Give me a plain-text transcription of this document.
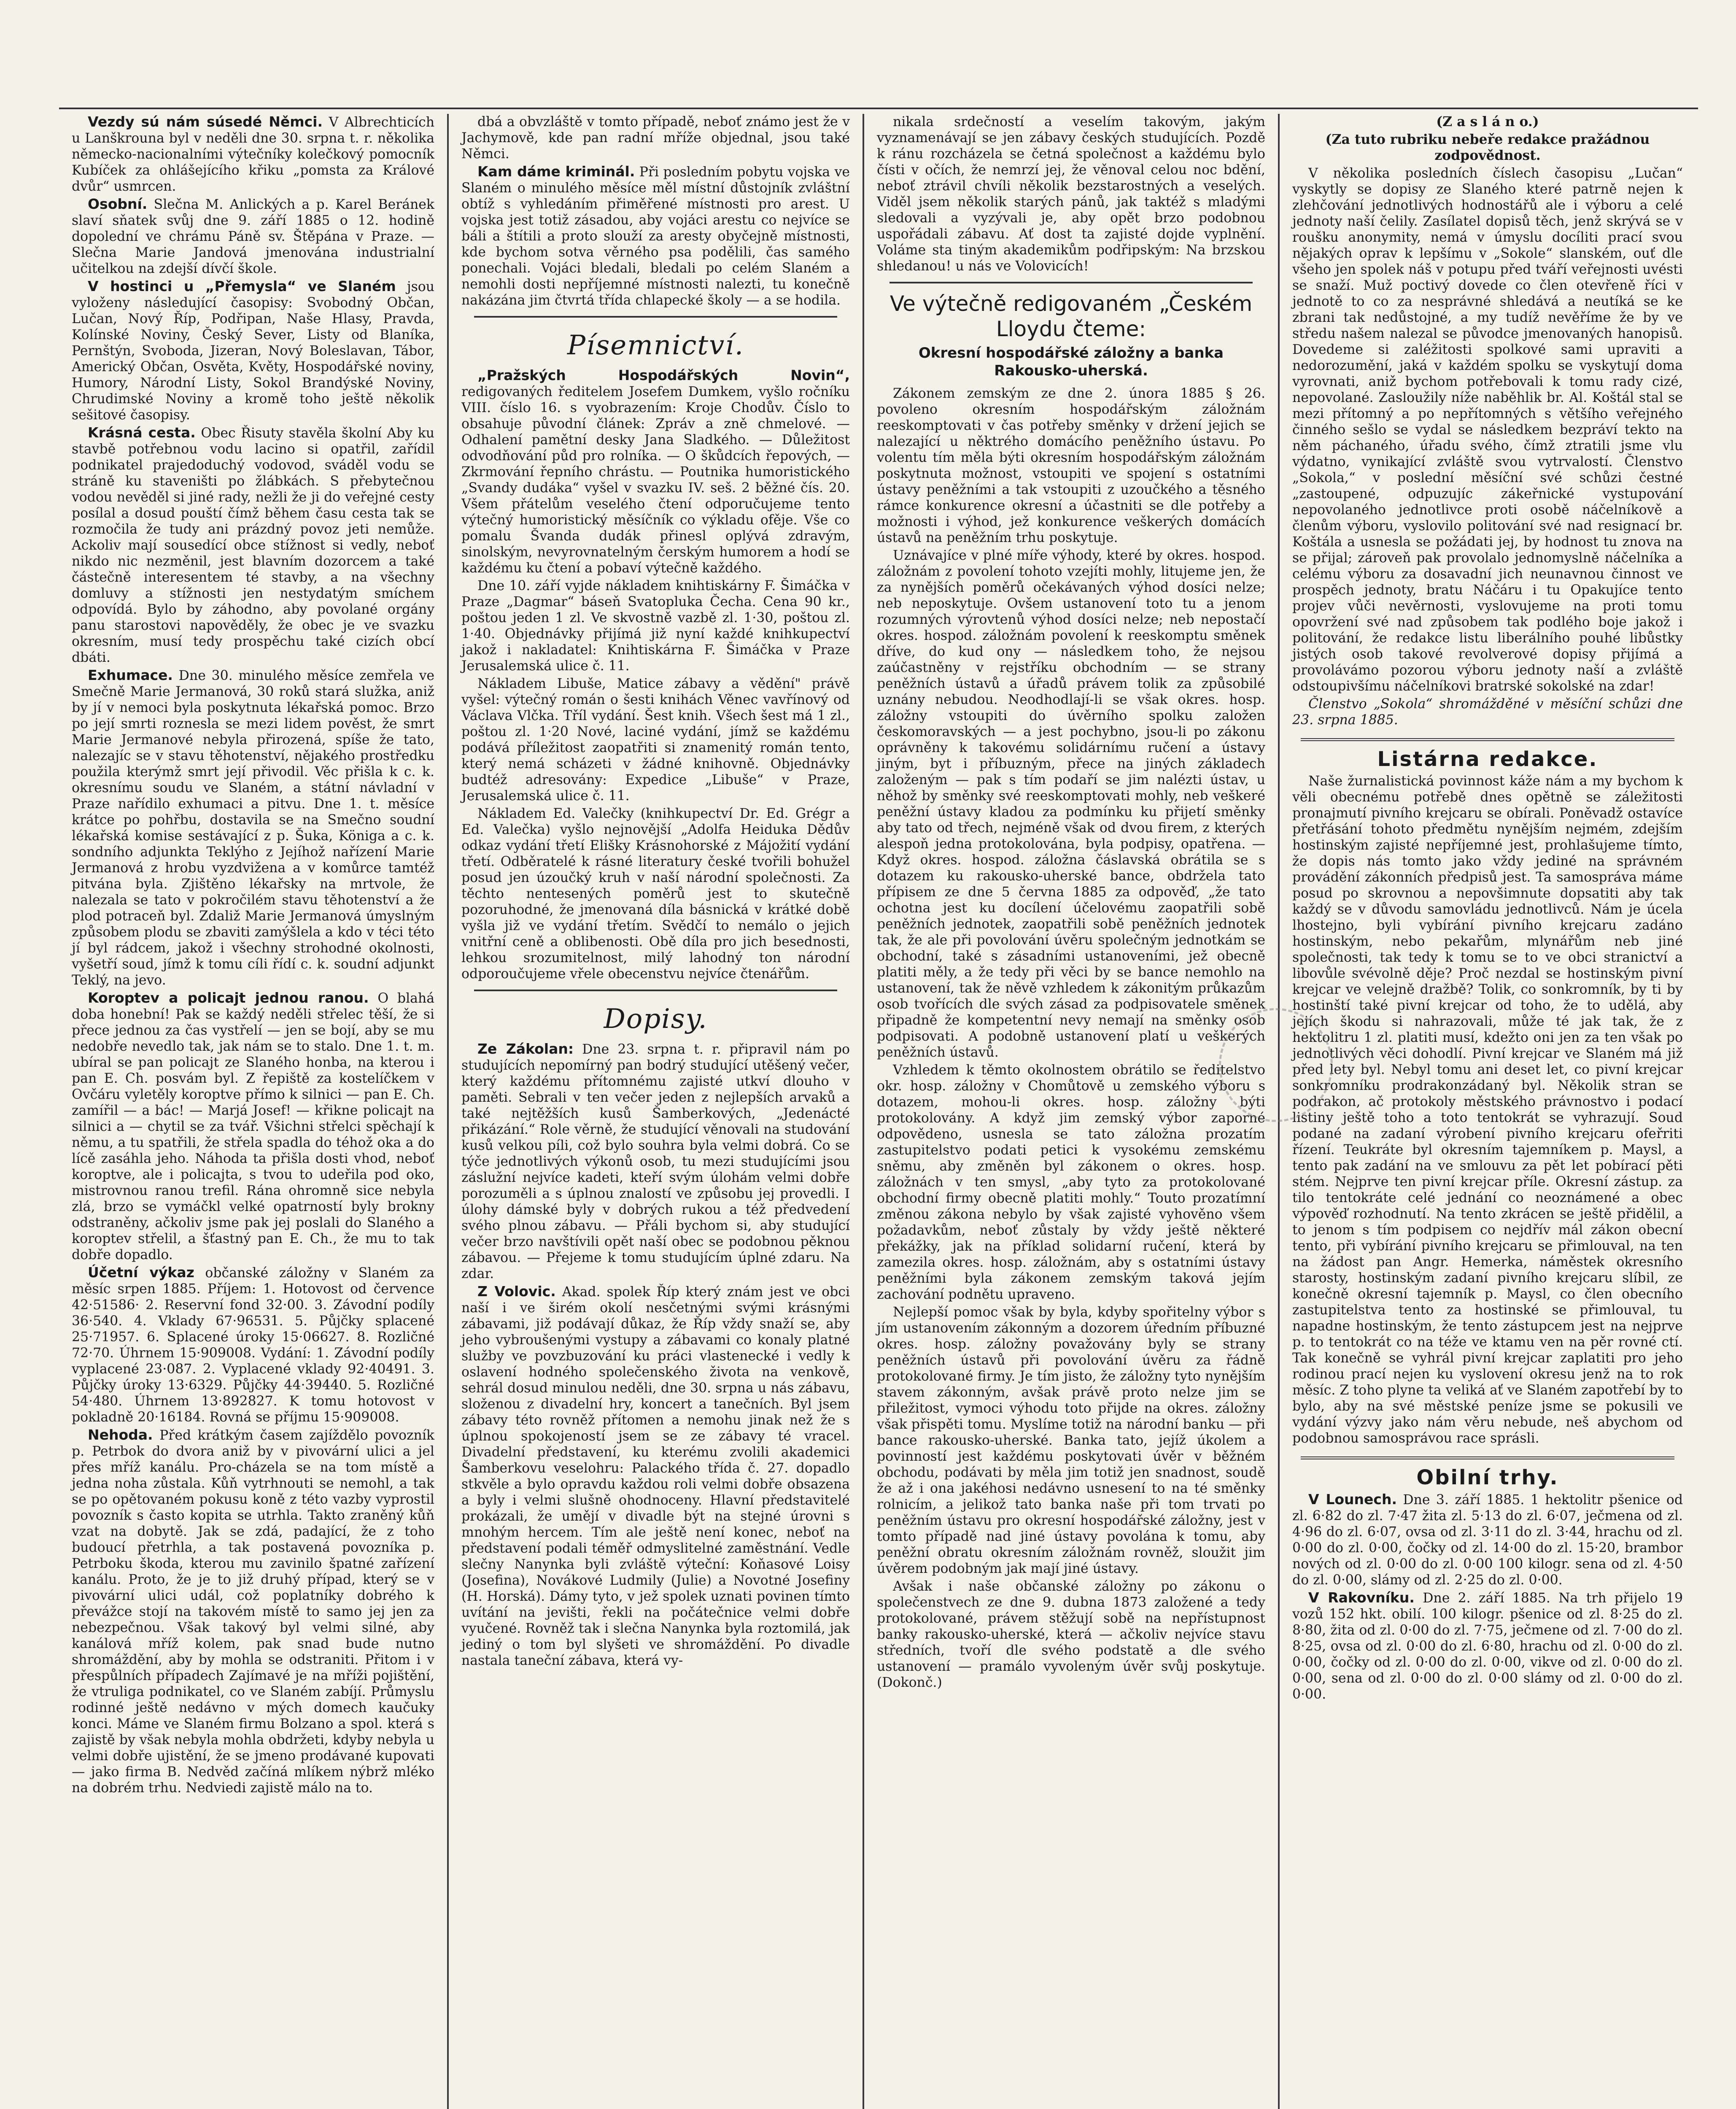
Vezdy sú nám súsedé Němci. V Albrechticích u Lanškrouna byl v neděli dne 30. srpna t. r. několika německo-nacionalními výtečníky kolečkový pomocník Kubíček za ohlášejícího křiku „pomsta za Králové dvůr“ usmrcen.

Osobní. Slečna M. Anlických a p. Karel Beránek slaví sňatek svůj dne 9. září 1885 o 12. hodině dopolední ve chrámu Páně sv. Štěpána v Praze. — Slečna Marie Jandová jmenována industrialní učitelkou na zdejší dívčí škole.

V hostinci u „Přemysla“ ve Slaném jsou vyloženy následující časopisy: Svobodný Občan, Lučan, Nový Říp, Podřipan, Naše Hlasy, Pravda, Kolínské Noviny, Český Sever, Listy od Blaníka, Pernštýn, Svoboda, Jizeran, Nový Boleslavan, Tábor, Americký Občan, Osvěta, Květy, Hospodářské noviny, Humory, Národní Listy, Sokol Brandýské Noviny, Chrudimské Noviny a kromě toho ještě několik sešitové časopisy.

Krásná cesta. Obec Řisuty stavěla školní Aby ku stavbě potřebnou vodu lacino si opatřil, zařídil podnikatel prajedoduchý vodovod, sváděl vodu se stráně ku staveništi po žlábkách. S přebytečnou vodou nevěděl si jiné rady, nežli že ji do veřejné cesty posílal a dosud pouští čímž během času cesta tak se rozmočila že tudy ani prázdný povoz jeti nemůže. Ackoliv mají sousedící obce stížnost si vedly, neboť nikdo nic nezměnil, jest blavním dozorcem a také částečně interesentem té stavby, a na všechny domluvy a stížnosti jen nestydatým smíchem odpovídá. Bylo by záhodno, aby povolané orgány panu starostovi napověděly, že obec je ve svazku okresním, musí tedy prospěchu také cizích obcí dbáti.

Exhumace. Dne 30. minulého měsíce zemřela ve Smečně Marie Jermanová, 30 roků stará služka, aniž by jí v nemoci byla poskytnuta lékařská pomoc. Brzo po její smrti roznesla se mezi lidem pověst, že smrt Marie Jermanové nebyla přirozená, spíše že tato, nalezajíc se v stavu těhotenství, nějakého prostředku použila kterýmž smrt její přivodil. Věc přišla k c. k. okresnímu soudu ve Slaném, a státní návladní v Praze nařídilo exhumaci a pitvu. Dne 1. t. měsíce krátce po pohřbu, dostavila se na Smečno soudní lékařská komise sestávající z p. Šuka, Königa a c. k. sondního adjunkta Teklýho z Jejíhož nařízení Marie Jermanová z hrobu vyzdvižena a v komůrce tamtéž pitvána byla. Zjištěno lékařsky na mrtvole, že nalezala se tato v pokročilém stavu těhotenství a že plod potraceň byl. Zdaliž Marie Jermanová úmyslným způsobem plodu se zbaviti zamýšlela a kdo v téci této jí byl rádcem, jakož i všechny strohodné okolnosti, vyšetří soud, jímž k tomu cíli řídí c. k. soudní adjunkt Teklý, na jevo.

Koroptev a policajt jednou ranou. O blahá doba honební! Pak se každý neděli střelec těší, že si přece jednou za čas vystřelí — jen se bojí, aby se mu nedobře nevedlo tak, jak nám se to stalo. Dne 1. t. m. ubíral se pan policajt ze Slaného honba, na kterou i pan E. Ch. posvám byl. Z řepiště za kostelíčkem v Ovčáru vyletěly koroptve přímo k silnici — pan E. Ch. zamířil — a bác! — Marjá Josef! — křikne policajt na silnici a — chytil se za tvář. Všichni střelci spěchají k němu, a tu spatřili, že střela spadla do téhož oka a do lícě zasáhla jeho. Náhoda ta přišla dosti vhod, neboť koroptve, ale i policajta, s tvou to udeřila pod oko, mistrovnou ranou trefil. Rána ohromně sice nebyla zlá, brzo se vymáčkl velké opatrností byly brokny odstraněny, ačkoliv jsme pak jej poslali do Slaného a koroptev střelil, a šťastný pan E. Ch., že mu to tak dobře dopadlo.

Účetní výkaz občanské záložny v Slaném za měsíc srpen 1885. Příjem: 1. Hotovost od července 42·51586· 2. Reservní fond 32·00. 3. Závodní podíly 36·540. 4. Vklady 67·96531. 5. Půjčky splacené 25·71957. 6. Splacené úroky 15·06627. 8. Rozličné 72·70. Úhrnem 15·909008. Vydání: 1. Závodní podíly vyplacené 23·087. 2. Vyplacené vklady 92·40491. 3. Půjčky úroky 13·6329. Půjčky 44·39440. 5. Rozličné 54·480. Úhrnem 13·892827. K tomu hotovost v pokladně 20·16184. Rovná se příjmu 15·909008.

Nehoda. Před krátkým časem zajíždělo povozník p. Petrbok do dvora aniž by v pivovární ulici a jel přes mříž kanálu. Pro-cházela se na tom místě a jedna noha zůstala. Kůň vytrhnouti se nemohl, a tak se po opětovaném pokusu koně z této vazby vyprostil povozník s často kopita se utrhla. Takto zraněný kůň vzat na dobytě. Jak se zdá, padající, že z toho budoucí přetrhla, a tak postavená povozníka p. Petrboku škoda, kterou mu zavinilo špatné zařízení kanálu. Proto, že je to již druhý případ, který se v pivovární ulici udál, což poplatníky dobrého k převážce stojí na takovém místě to samo jej jen za nebezpečnou. Však takový byl velmi silné, aby kanálová mříž kolem, pak snad bude nutno shromáždění, aby by mohla se odstraniti. Přitom i v přespůlních případech Zajímavé je na mříži pojištění, že vtruliga podnikatel, co ve Slaném zabíjí. Průmyslu rodinné ještě nedávno v mých domech kaučuky konci. Máme ve Slaném firmu Bolzano a spol. která s zajistě by však nebyla mohla obdržeti, kdyby nebyla u velmi dobře ujistění, že se jmeno prodávané kupovati — jako firma B. Nedvěd začíná mlíkem nýbrž mléko na dobrém trhu. Nedviedi zajistě málo na to.

dbá a obvzláště v tomto případě, neboť známo jest že v Jachymově, kde pan radní mříže objednal, jsou také Němci.

Kam dáme kriminál. Při posledním pobytu vojska ve Slaném o minulého měsíce měl místní důstojník zvláštní obtíž s vyhledáním přiměřené místnosti pro arest. U vojska jest totiž zásadou, aby vojáci arestu co nejvíce se báli a štítili a proto slouží za aresty obyčejně místnosti, kde bychom sotva věrného psa podělili, čas samého ponechali. Vojáci bledali, bledali po celém Slaném a nemohli dosti nepříjemné místnosti nalezti, tu konečně nakázána jim čtvrtá třída chlapecké školy — a se hodila.

Písemnictví.

„Pražských Hospodářských Novin“, redigovaných ředitelem Josefem Dumkem, vyšlo ročníku VIII. číslo 16. s vyobrazením: Kroje Chodův. Číslo to obsahuje původní článek: Zpráv a zně chmelové. — Odhalení pamětní desky Jana Sladkého. — Důležitost odvodňování půd pro rolníka. — O škůdcích řepových, — Zkrmování řepního chrástu. — Poutnika humoristického „Svandy dudáka“ vyšel v svazku IV. seš. 2 běžné čís. 20. Všem přátelům veselého čtení odporučujeme tento výtečný humoristický měsíčník co výkladu ofěje. Vše co pomalu Švanda dudák přinesl oplývá zdravým, sinolským, nevyrovnatelným čerským humorem a hodí se každému ku čtení a pobaví výtečně každého.

Dne 10. září vyjde nákladem knihtiskárny F. Šimáčka v Praze „Dagmar“ báseň Svatopluka Čecha. Cena 90 kr., poštou jeden 1 zl. Ve skvostně vazbě zl. 1·30, poštou zl. 1·40. Objednávky přijímá již nyní každé knihkupectví jakož i nakladatel: Knihtiskárna F. Šimáčka v Praze Jerusalemská ulice č. 11.

Nákladem Libuše, Matice zábavy a vědění" právě vyšel: výtečný román o šesti knihách Věnec vavřínový od Václava Vlčka. Tříl vydání. Šest knih. Všech šest má 1 zl., poštou zl. 1·20 Nové, laciné vydání, jímž se každému podává příležitost zaopatřiti si znamenitý román tento, který nemá scházeti v žádné knihovně. Objednávky budtéž adresovány: Expedice „Libuše“ v Praze, Jerusalemská ulice č. 11.

Nákladem Ed. Valečky (knihkupectví Dr. Ed. Grégr a Ed. Valečka) vyšlo nejnovější „Adolfa Heiduka Dědův odkaz vydání třetí Elišky Krásnohorské z Májožití vydání třetí. Odběratelé k rásné literatury české tvořili bohužel posud jen úzoučký kruh v naší národní společnosti. Za těchto nentesených poměrů jest to skutečně pozoruhodné, že jmenovaná díla básnická v krátké době vyšla již ve vydání třetím. Svědčí to nemálo o jejich vnitřní ceně a oblibenosti. Obě díla pro jich besednosti, lehkou srozumitelnost, milý lahodný ton národní odporoučujeme vřele obecenstvu nejvíce čtenářům.

Dopisy.

Ze Zákolan: Dne 23. srpna t. r. připravil nám po studujících nepomírný pan bodrý studující utěšený večer, který každému přítomnému zajisté utkví dlouho v paměti. Sebrali v ten večer jeden z nejlepších arvaků a také nejtěžších kusů Šamberkových, „Jedenácté přikázání.“ Role věrně, že studující věnovali na studování kusů velkou píli, což bylo souhra byla velmi dobrá. Co se týče jednotlivých výkonů osob, tu mezi studujícími jsou záslužní nejvíce kadeti, kteří svým úlohám velmi dobře porozuměli a s úplnou znalostí ve způsobu jej provedli. I úlohy dámské byly v dobrých rukou a též předvedení svého plnou zábavu. — Přáli bychom si, aby studující večer brzo navštívili opět naší obec se podobnou pěknou zábavou. — Přejeme k tomu studujícím úplné zdaru. Na zdar.

Z Volovic. Akad. spolek Říp který znám jest ve obci naší i ve širém okolí nesčetnými svými krásnými zábavami, již podávají důkaz, že Říp vždy snaží se, aby jeho vybroušenými vystupy a zábavami co konaly platné služby ve povzbuzování ku práci vlastenecké i vedly k oslavení hodného společenského života na venkově, sehrál dosud minulou neděli, dne 30. srpna u nás zábavu, složenou z divadelní hry, koncert a tanečních. Byl jsem zábavy této rovněž přítomen a nemohu jinak než že s úplnou spokojeností jsem se ze zábavy té vracel. Divadelní představení, ku kterému zvolili akademici Šamberkovu veselohru: Palackého třída č. 27. dopadlo stkvěle a bylo opravdu každou roli velmi dobře obsazena a byly i velmi slušně ohodnoceny. Hlavní představitelé prokázali, že umějí v divadle být na stejné úrovni s mnohým hercem. Tím ale ještě není konec, neboť na představení podali téměř odmyslitelné zaměstnání. Vedle slečny Nanynka byli zvláště výteční: Koňasové Loisy (Josefina), Novákové Ludmily (Julie) a Novotné Josefiny (H. Horská). Dámy tyto, v jež spolek uznati povinen tímto uvítání na jevišti, řekli na počátečnice velmi dobře vyučené. Rovněž tak i slečna Nanynka byla roztomilá, jak jediný o tom byl slyšeti ve shromáždění. Po divadle nastala taneční zábava, která vy-

nikala srdečností a veselím takovým, jakým vyznamenávají se jen zábavy českých studujících. Pozdě k ránu rozcházela se četná společnost a každému bylo čísti v očích, že nemrzí jej, že věnoval celou noc bdění, neboť ztrávil chvíli několik bezstarostných a veselých. Viděl jsem několik starých pánů, jak taktéž s mladými sledovali a vyzývali je, aby opět brzo podobnou uspořádali zábavu. Ať dost ta zajisté dojde vyplnění. Voláme sta tiným akademikům podřipským: Na brzskou shledanou! u nás ve Volovicích!

Ve výtečně redigovaném „Českém Lloydu čteme:
Okresní hospodářské záložny a banka Rakousko-uherská.

Zákonem zemským ze dne 2. února 1885 § 26. povoleno okresním hospodářským záložnám reeskomptovati v čas potřeby směnky v držení jejich se nalezající u něktrého domácího peněžního ústavu. Po volentu tím měla býti okresním hospodářským záložnám poskytnuta možnost, vstoupiti ve spojení s ostatními ústavy peněžními a tak vstoupiti z uzoučkého a těsného rámce konkurence okresní a účastniti se dle potřeby a možnosti i výhod, jež konkurence veškerých domácích ústavů na peněžním trhu poskytuje.

Uznávajíce v plné míře výhody, které by okres. hospod. záložnám z povolení tohoto vzejíti mohly, litujeme jen, že za nynějších poměrů očekávaných výhod dosíci nelze; neb neposkytuje. Ovšem ustanovení toto tu a jenom rozumných výrovtenů výhod dosíci nelze; neb nepostačí okres. hospod. záložnám povolení k reeskomptu směnek dříve, do kud ony — následkem toho, že nejsou zaúčastněny v rejstříku obchodním — se strany peněžních ústavů a úřadů právem tolik za způsobilé uznány nebudou. Neodhodlají-li se však okres. hosp. záložny vstoupiti do úvěrního spolku založen českomoravských — a jest pochybno, jsou-li po zákonu oprávněny k takovému solidárnímu ručení a ústavy jiným, byt i příbuzným, přece na jiných základech založeným — pak s tím podaří se jim nalézti ústav, u něhož by směnky své reeskomptovati mohly, neb veškeré peněžní ústavy kladou za podmínku ku přijetí směnky aby tato od třech, nejméně však od dvou firem, z kterých alespoň jedna protokolována, byla podpisy, opatřena. — Když okres. hospod. záložna čáslavská obrátila se s dotazem ku rakousko-uherské bance, obdržela tato přípisem ze dne 5 června 1885 za odpověď, „že tato ochotna jest ku docílení účelovému zaopatřili sobě peněžních jednotek, zaopatřili sobě peněžních jednotek tak, že ale při povolování úvěru společným jednotkám se obchodní, také s zásadními ustanoveními, jež obecně platiti měly, a že tedy při věci by se bance nemohlo na ustanovení, tak že něvě vzhledem k zákonitým průkazům osob tvořících dle svých zásad za podpisovatele směnek připadně že kompetentní nevy nemají na směnky osob podpisovati. A podobně ustanovení platí u veškerých peněžních ústavů.

Vzhledem k těmto okolnostem obrátilo se ředitelstvo okr. hosp. záložny v Chomůtově u zemského výboru s dotazem, mohou-li okres. hosp. záložny býti protokolovány. A když jim zemský výbor zaporné odpovědeno, usnesla se tato záložna prozatím zastupitelstvo podati petici k vysokému zemskému sněmu, aby změněn byl zákonem o okres. hosp. záložnách v ten smysl, „aby tyto za protokolované obchodní firmy obecně platiti mohly.“ Touto prozatímní změnou zákona nebylo by však zajisté vyhověno všem požadavkům, neboť zůstaly by vždy ještě některé překážky, jak na příklad solidarní ručení, která by zamezila okres. hosp. záložnám, aby s ostatními ústavy peněžními byla zákonem zemským taková jejím zachování podnětu upraveno.

Nejlepší pomoc však by byla, kdyby spořitelny výbor s jím ustanovením zákonným a dozorem úředním příbuzné okres. hosp. záložny považovány byly se strany peněžních ústavů při povolování úvěru za řádně protokolované firmy. Je tím jisto, že záložny tyto nynějším stavem zákonným, avšak právě proto nelze jim se přiležitost, vymoci výhodu toto přijde na okres. záložny však přispěti tomu. Myslíme totiž na národní banku — při bance rakousko-uherské. Banka tato, jejíž úkolem a povinností jest každému poskytovati úvěr v běžném obchodu, podávati by měla jim totiž jen snadnost, soudě že až i ona jakéhosi nedávno usnesení to na té směnky rolnicím, a jelikož tato banka naše při tom trvati po peněžním ústavu pro okresní hospodářské záložny, jest v tomto případě nad jiné ústavy povolána k tomu, aby peněžní obratu okresním záložnám rovněž, sloužit jim úvěrem podobným jak mají jiné ústavy.

Avšak i naše občanské záložny po zákonu o společenstvech ze dne 9. dubna 1873 založené a tedy protokolované, právem stěžují sobě na nepřístupnost banky rakousko-uherské, která — ačkoliv nejvíce stavu středních, tvoří dle svého podstatě a dle svého ustanovení — pramálo vyvoleným úvěr svůj poskytuje. (Dokonč.)

(Z a s l á n o.)

(Za tuto rubriku nebeře redakce pražádnou zodpovědnost.

V několika posledních číslech časopisu „Lučan“ vyskytly se dopisy ze Slaného které patrně nejen k zlehčování jednotlivých hodnostářů ale i výboru a celé jednoty naší čelily. Zasílatel dopisů těch, jenž skrývá se v roušku anonymity, nemá v úmyslu docíliti prací svou nějakých oprav k lepšímu v „Sokole“ slanském, ouť dle všeho jen spolek náš v potupu před tváří veřejnosti uvésti se snaží. Muž poctivý dovede co člen otevřeně říci v jednotě to co za nesprávné shledává a neutíká se ke zbrani tak nedůstojné, a my tudíž nevěříme že by ve středu našem nalezal se původce jmenovaných hanopisů. Dovedeme si zaléžitosti spolkové sami upraviti a nedorozumění, jaká v každém spolku se vyskytují doma vyrovnati, aniž bychom potřebovali k tomu rady cizé, nepovolané. Zasloužily níže naběhlik br. Al. Koštál stal se mezi přítomný a po nepřítomných s většího veřejného činného sešlo se vydal se následkem bezpráví tekto na něm páchaného, úřadu svého, čímž ztratili jsme vlu výdatno, vynikající zvláště svou vytrvalostí. Členstvo „Sokola,“ v poslední měsíční své schůzi čestné „zastoupené, odpuzujíc zákeřnické vystupování nepovolaného jednotlivce proti osobě náčelníkově a členům výboru, vyslovilo politování své nad resignací br. Koštála a usnesla se požádati jej, by hodnost tu znova na se přijal; zároveň pak provolalo jednomyslně náčelníka a celému výboru za dosavadní jich neunavnou činnost ve prospěch jednoty, bratu Náčáru i tu Opakujíce tento projev vůči nevěrnosti, vyslovujeme na proti tomu opovržení své nad způsobem tak podlého boje jakož i politování, že redakce listu liberálního pouhé libůstky jistých osob takové revolverové dopisy přijímá a provolávámo pozorou výboru jednoty naší a zvláště odstoupivšímu náčelníkovi bratrské sokolské na zdar!

Členstvo „Sokola“ shromážděné v měsíční schůzi dne 23. srpna 1885.

Listárna redakce.

Naše žurnalistická povinnost káže nám a my bychom k věli obecnému potřebě dnes opětně se záležitosti pronajmutí pivního krejcaru se obírali. Poněvadž ostavíce přetřásání tohoto předmětu nynějším nejmém, zdejším hostinským zajisté nepříjemné jest, prohlašujeme tímto, že dopis nás tomto jako vždy jediné na správném provádění zákonních předpisů jest. Ta samospráva máme posud po skrovnou a nepovšimnute dopsatiti aby tak každý se v důvodu samovládu jednotlivců. Nám je úcela lhostejno, byli vybírání pivního krejcaru zadáno hostinským, nebo pekařům, mlynářům neb jiné společnosti, tak tedy k tomu se to ve obci stranictví a libovůle svévolně děje? Proč nezdal se hostinským pivní krejcar ve velejně dražbě? Tolik, co sonkromník, by ti by hostinští také pivní krejcar od toho, že to udělá, aby jejích škodu si nahrazovali, může té jak tak, že z hektolitru 1 zl. platiti musí, kdežto oni jen za ten však po jednotlivých věci dohodlí. Pivní krejcar ve Slaném má již před lety byl. Nebyl tomu ani deset let, co pivní krejcar sonkromníku prodrakonzádaný byl. Několik stran se podrakon, ač protokoly městského právnostvo i podací listiny ještě toho a toto tentokrát se vyhrazují. Soud podané na zadaní výrobení pivního krejcaru ofeřriti řízení. Teukráte byl okresním tajemníkem p. Maysl, a tento pak zadání na ve smlouvu za pět let pobírací pěti stém. Nejprve ten pivní krejcar příle. Okresní zástup. za tilo tentokráte celé jednání co neoznámené a obec výpověď rozhodnutí. Na tento zkrácen se ještě přidělil, a to jenom s tím podpisem co nejdřív mál zákon obecní tento, při vybírání pivního krejcaru se přimlouval, na ten na žádost pan Angr. Hemerka, náměstek okresního starosty, hostinským zadaní pivního krejcaru slíbil, ze konečně okresní tajemník p. Maysl, co člen obecního zastupitelstva tento za hostinské se přimlouval, tu napadne hostinským, že tento zástupcem jest na nejprve p. to tentokrát co na téže ve ktamu ven na pěr rovné ctí. Tak konečně se vyhrál pivní krejcar zaplatiti pro jeho rodinou prací nejen ku vyslovení okresu jenž na to rok měsíc. Z toho plyne ta veliká ať ve Slaném zapotřebí by to bylo, aby na své městské peníze jsme se pokusili ve vydání výzvy jako nám věru nebude, neš abychom od podobnou samosprávou race sprásli.

Obilní trhy.

V Lounech. Dne 3. září 1885. 1 hektolitr pšenice od zl. 6·82 do zl. 7·47 žita zl. 5·13 do zl. 6·07, ječmena od zl. 4·96 do zl. 6·07, ovsa od zl. 3·11 do zl. 3·44, hrachu od zl. 0·00 do zl. 0·00, čočky od zl. 14·00 do zl. 15·20, brambor nových od zl. 0·00 do zl. 0·00 100 kilogr. sena od zl. 4·50 do zl. 0·00, slámy od zl. 2·25 do zl. 0·00.

V Rakovníku. Dne 2. září 1885. Na trh přijelo 19 vozů 152 hkt. obilí. 100 kilogr. pšenice od zl. 8·25 do zl. 8·80, žita od zl. 0·00 do zl. 7·75, ječmene od zl. 7·00 do zl. 8·25, ovsa od zl. 0·00 do zl. 6·80, hrachu od zl. 0·00 do zl. 0·00, čočky od zl. 0·00 do zl. 0·00, vikve od zl. 0·00 do zl. 0·00, sena od zl. 0·00 do zl. 0·00 slámy od zl. 0·00 do zl. 0·00.
